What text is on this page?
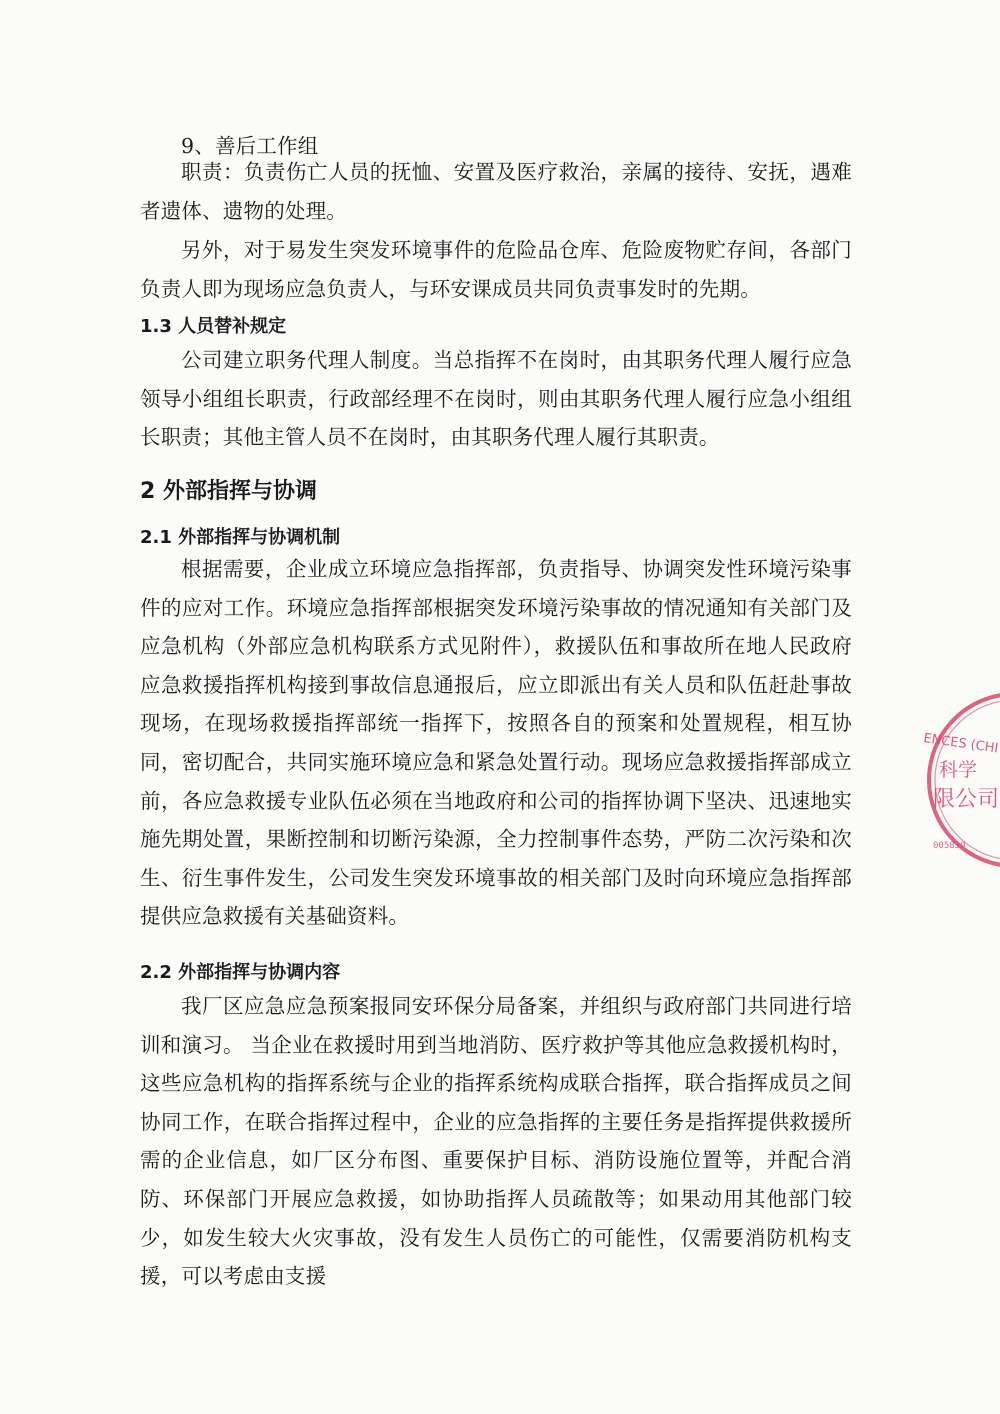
9、善后工作组

职责：负责伤亡人员的抚恤、安置及医疗救治，亲属的接待、安抚，遇难者遗体、遗物的处理。

另外，对于易发生突发环境事件的危险品仓库、危险废物贮存间，各部门负责人即为现场应急负责人，与环安课成员共同负责事发时的先期。

1.3 人员替补规定

公司建立职务代理人制度。当总指挥不在岗时，由其职务代理人履行应急领导小组组长职责，行政部经理不在岗时，则由其职务代理人履行应急小组组长职责；其他主管人员不在岗时，由其职务代理人履行其职责。

2 外部指挥与协调
2.1 外部指挥与协调机制

根据需要，企业成立环境应急指挥部，负责指导、协调突发性环境污染事件的应对工作。环境应急指挥部根据突发环境污染事故的情况通知有关部门及应急机构（外部应急机构联系方式见附件），救援队伍和事故所在地人民政府应急救援指挥机构接到事故信息通报后，应立即派出有关人员和队伍赶赴事故现场，在现场救援指挥部统一指挥下，按照各自的预案和处置规程，相互协同，密切配合，共同实施环境应急和紧急处置行动。现场应急救援指挥部成立前，各应急救援专业队伍必须在当地政府和公司的指挥协调下坚决、迅速地实施先期处置，果断控制和切断污染源，全力控制事件态势，严防二次污染和次生、衍生事件发生，公司发生突发环境事故的相关部门及时向环境应急指挥部提供应急救援有关基础资料。

2.2 外部指挥与协调内容

我厂区应急应急预案报同安环保分局备案，并组织与政府部门共同进行培训和演习。 当企业在救援时用到当地消防、医疗救护等其他应急救援机构时，这些应急机构的指挥系统与企业的指挥系统构成联合指挥，联合指挥成员之间协同工作，在联合指挥过程中，企业的应急指挥的主要任务是指挥提供救援所需的企业信息，如厂区分布图、重要保护目标、消防设施位置等，并配合消防、环保部门开展应急救援，如协助指挥人员疏散等；如果动用其他部门较少，如发生较大火灾事故，没有发生人员伤亡的可能性，仅需要消防机构支援，可以考虑由支援

ENCES (CHI
科学
限公司
005839
